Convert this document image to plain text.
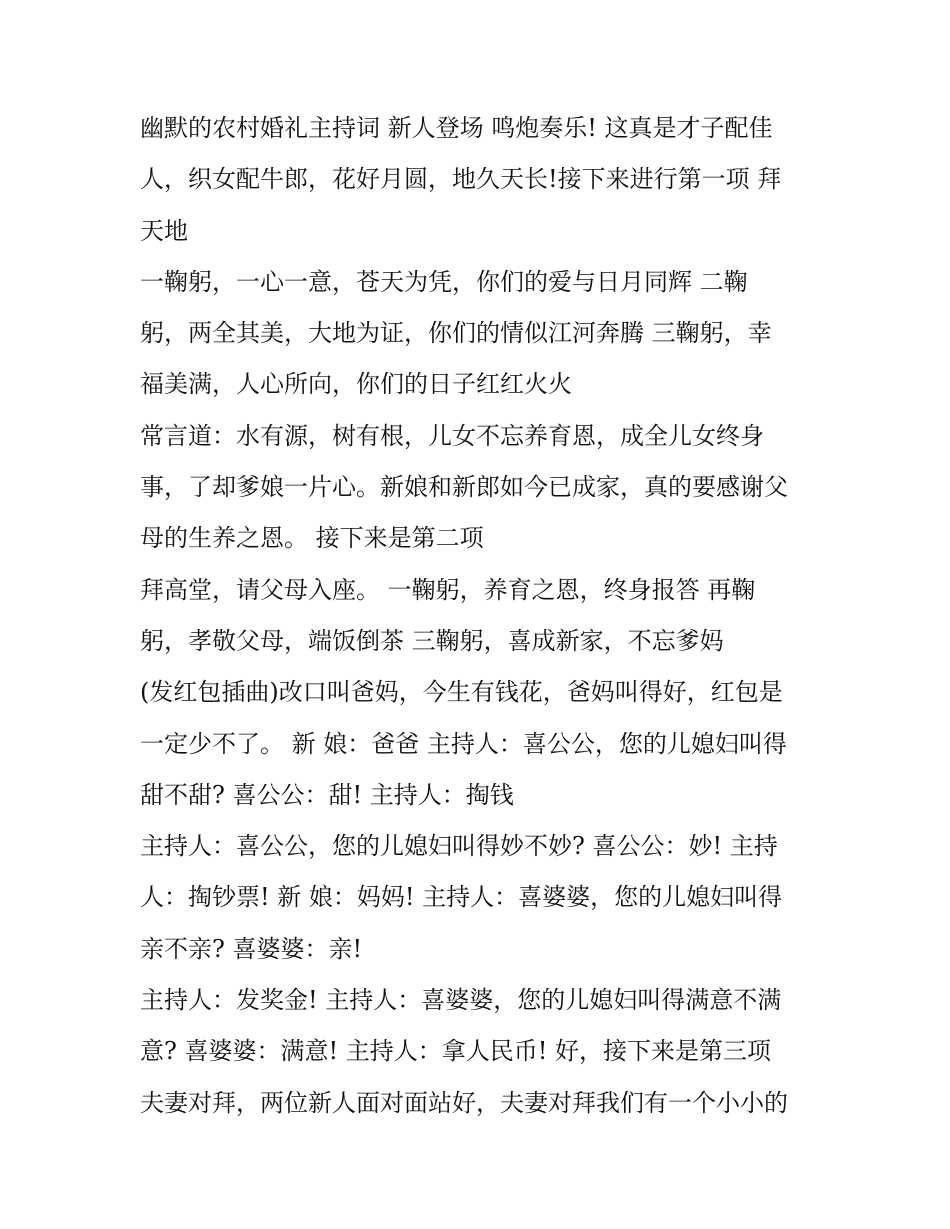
幽默的农村婚礼主持词 新人登场 鸣炮奏乐! 这真是才子配佳
人，织女配牛郎，花好月圆，地久天长!接下来进行第一项 拜
天地
一鞠躬，一心一意，苍天为凭，你们的爱与日月同辉 二鞠
躬，两全其美，大地为证，你们的情似江河奔腾 三鞠躬，幸
福美满，人心所向，你们的日子红红火火
常言道：水有源，树有根，儿女不忘养育恩，成全儿女终身
事，了却爹娘一片心。新娘和新郎如今已成家，真的要感谢父
母的生养之恩。 接下来是第二项
拜高堂，请父母入座。 一鞠躬，养育之恩，终身报答 再鞠
躬，孝敬父母，端饭倒茶 三鞠躬，喜成新家，不忘爹妈
(发红包插曲)改口叫爸妈，今生有钱花，爸妈叫得好，红包是
一定少不了。 新 娘：爸爸 主持人：喜公公，您的儿媳妇叫得
甜不甜? 喜公公：甜! 主持人：掏钱
主持人：喜公公，您的儿媳妇叫得妙不妙? 喜公公：妙! 主持
人：掏钞票! 新 娘：妈妈! 主持人：喜婆婆，您的儿媳妇叫得
亲不亲? 喜婆婆：亲!
主持人：发奖金! 主持人：喜婆婆，您的儿媳妇叫得满意不满
意? 喜婆婆：满意! 主持人：拿人民币! 好，接下来是第三项
夫妻对拜，两位新人面对面站好，夫妻对拜我们有一个小小的
